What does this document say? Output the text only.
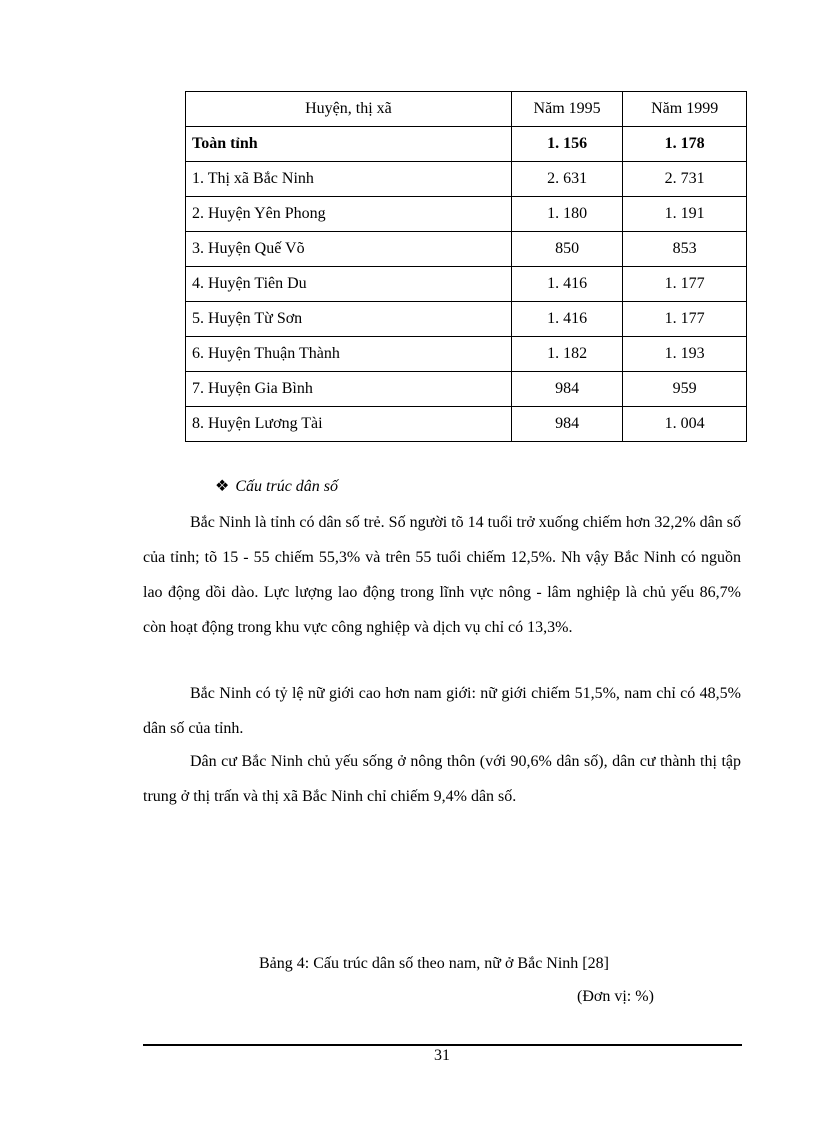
Huyện, thị xã	Năm 1995	Năm 1999
Toàn tỉnh	1. 156	1. 178
1. Thị xã Bắc Ninh	2. 631	2. 731
2. Huyện Yên Phong	1. 180	1. 191
3. Huyện Quế Võ	850	853
4. Huyện Tiên Du	1. 416	1. 177
5. Huyện Từ Sơn	1. 416	1. 177
6. Huyện Thuận Thành	1. 182	1. 193
7. Huyện Gia Bình	984	959
8. Huyện Lương Tài	984	1. 004
❖ Cấu trúc dân số

Bắc Ninh là tỉnh có dân số trẻ. Số người tõ 14 tuổi trở xuống chiếm hơn 32,2% dân số của tỉnh; tõ 15 - 55 chiếm 55,3% và trên 55 tuổi chiếm 12,5%. Nh vậy Bắc Ninh có nguồn lao động dồi dào. Lực lượng lao động trong lĩnh vực nông - lâm nghiệp là chủ yếu 86,7% còn hoạt động trong khu vực công nghiệp và dịch vụ chỉ có 13,3%.

Bắc Ninh có tỷ lệ nữ giới cao hơn nam giới: nữ giới chiếm 51,5%, nam chỉ có 48,5% dân số của tỉnh.

Dân cư Bắc Ninh chủ yếu sống ở nông thôn (với 90,6% dân số), dân cư thành thị tập trung ở thị trấn và thị xã Bắc Ninh chỉ chiếm 9,4% dân số.

Bảng 4: Cấu trúc dân số theo nam, nữ ở Bắc Ninh [28]
(Đơn vị: %)
31
